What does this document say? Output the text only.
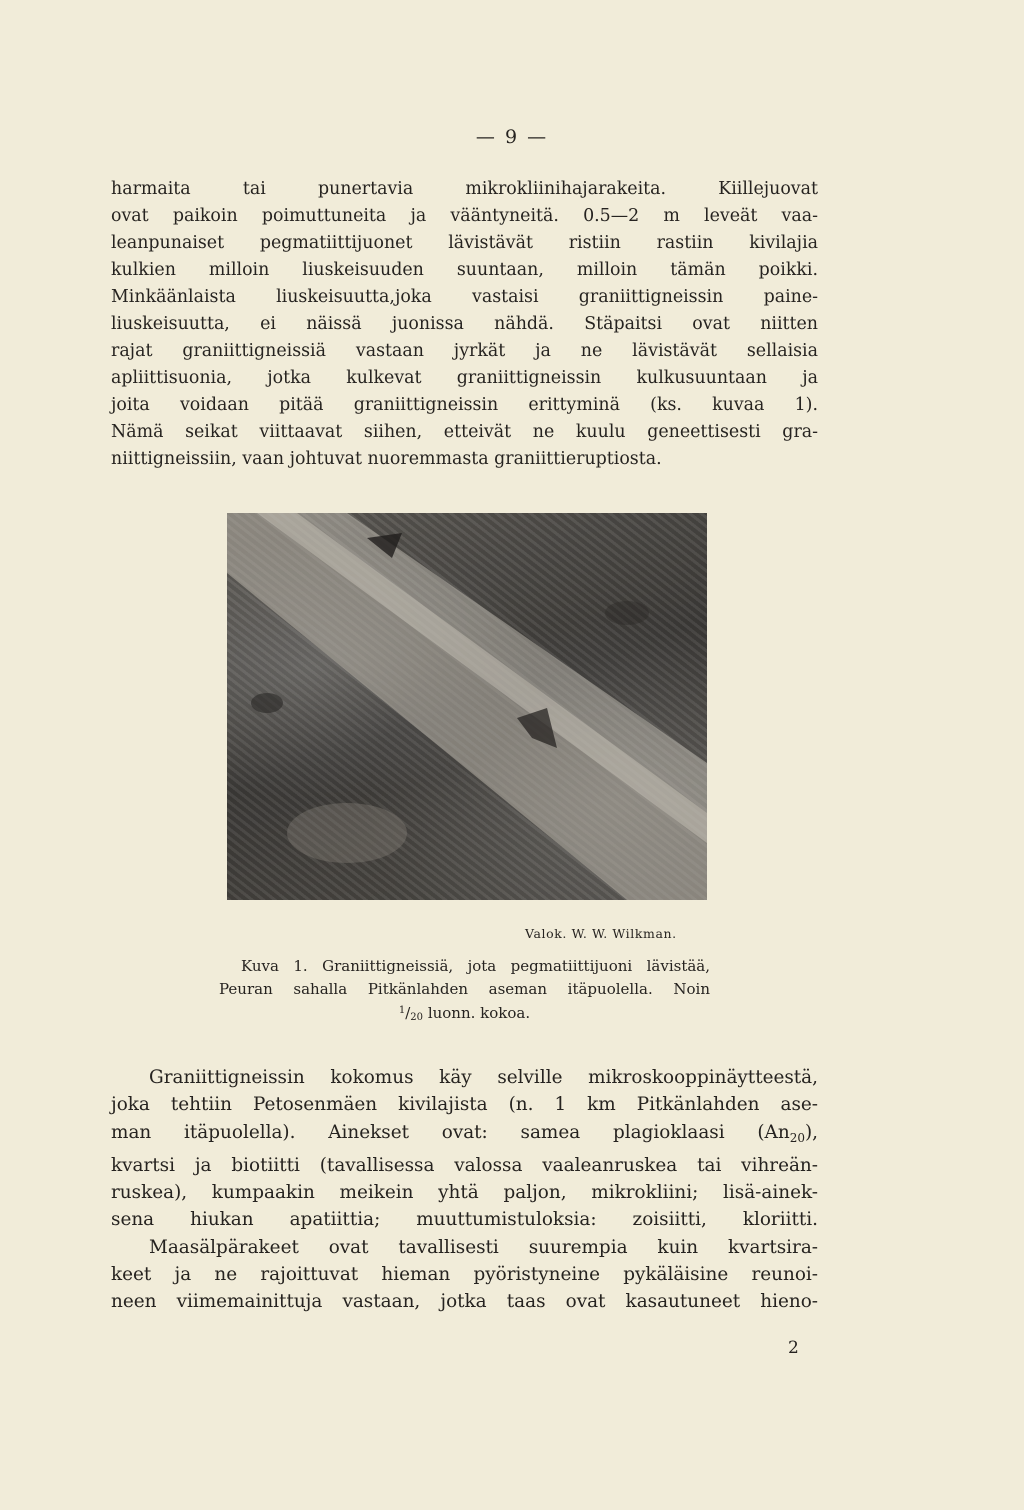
— 9 —

harmaita tai punertavia mikrokliinihajarakeita. Kiillejuovat
ovat paikoin poimuttuneita ja vääntyneitä. 0.5—2 m leveät vaa-
leanpunaiset pegmatiittijuonet lävistävät ristiin rastiin kivilajia
kulkien milloin liuskeisuuden suuntaan, milloin tämän poikki.
Minkäänlaista liuskeisuutta,joka vastaisi graniittigneissin paine-
liuskeisuutta, ei näissä juonissa nähdä. Stäpaitsi ovat niitten
rajat graniittigneissiä vastaan jyrkät ja ne lävistävät sellaisia
apliittisuonia, jotka kulkevat graniittigneissin kulkusuuntaan ja
joita voidaan pitää graniittigneissin erittyminä (ks. kuvaa 1).
Nämä seikat viittaavat siihen, etteivät ne kuulu geneettisesti gra-
niittigneissiin, vaan johtuvat nuoremmasta graniittieruptiosta.

Valok. W. W. Wilkman.

Kuva 1. Graniittigneissiä, jota pegmatiittijuoni lävistää,
Peuran sahalla Pitkänlahden aseman itäpuolella. Noin
$^1$/20 luonn. kokoa.

Graniittigneissin kokomus käy selville mikroskooppinäytteestä,
joka tehtiin Petosenmäen kivilajista (n. 1 km Pitkänlahden ase-
man itäpuolella). Ainekset ovat: samea plagioklaasi $(An_{20})$,
kvartsi ja biotiitti (tavallisessa valossa vaaleanruskea tai vihreän-
ruskea), kumpaakin meikein yhtä paljon, mikrokliini; lisä-ainek-
sena hiukan apatiittia; muuttumistuloksia: zoisiitti, kloriitti.
Maasälpärakeet ovat tavallisesti suurempia kuin kvartsira-
keet ja ne rajoittuvat hieman pyöristyneine pykäläisine reunoi-
neen viimemainittuja vastaan, jotka taas ovat kasautuneet hieno-

2
